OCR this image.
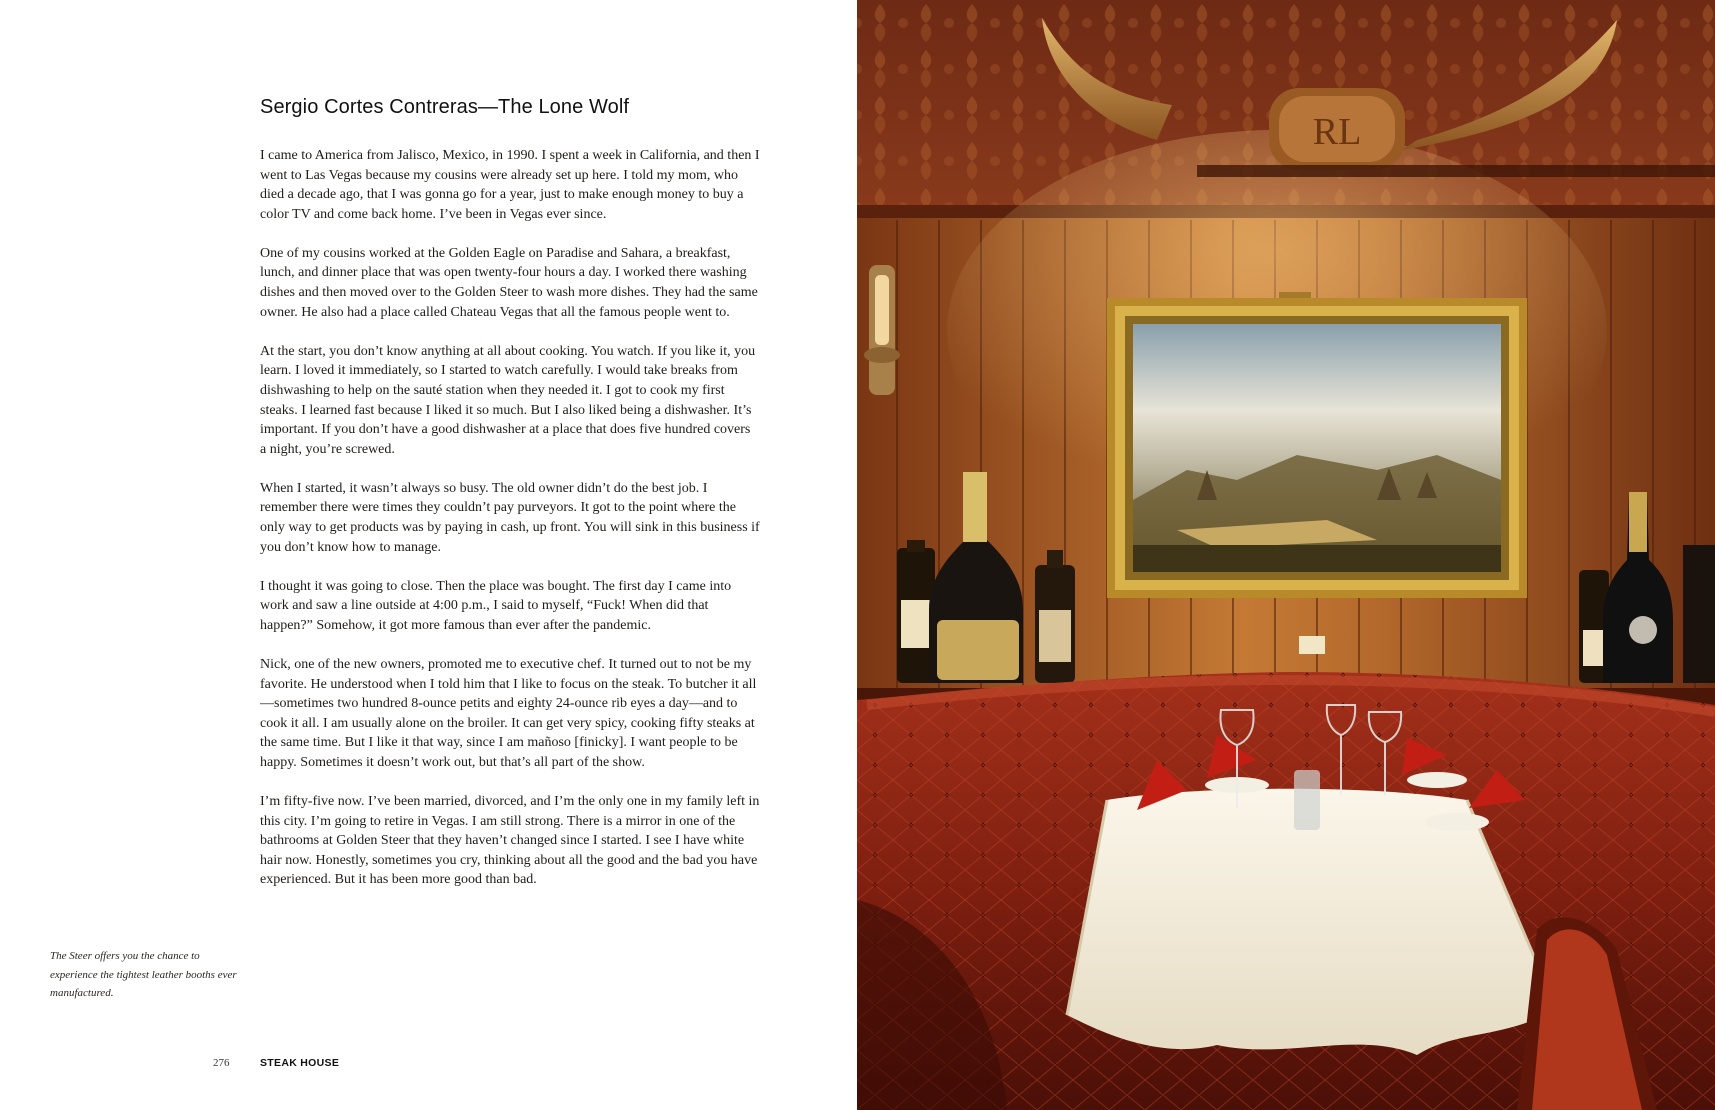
Sergio Cortes Contreras—The Lone Wolf

I came to America from Jalisco, Mexico, in 1990. I spent a week in California, and then I went to Las Vegas because my cousins were already set up here. I told my mom, who died a decade ago, that I was gonna go for a year, just to make enough money to buy a color TV and come back home. I’ve been in Vegas ever since.

One of my cousins worked at the Golden Eagle on Paradise and Sahara, a breakfast, lunch, and dinner place that was open twenty-four hours a day. I worked there washing dishes and then moved over to the Golden Steer to wash more dishes. They had the same owner. He also had a place called Chateau Vegas that all the famous people went to.

At the start, you don’t know anything at all about cooking. You watch. If you like it, you learn. I loved it immediately, so I started to watch carefully. I would take breaks from dishwashing to help on the sauté station when they needed it. I got to cook my first steaks. I learned fast because I liked it so much. But I also liked being a dishwasher. It’s important. If you don’t have a good dishwasher at a place that does five hundred covers a night, you’re screwed.

When I started, it wasn’t always so busy. The old owner didn’t do the best job. I remember there were times they couldn’t pay purveyors. It got to the point where the only way to get products was by paying in cash, up front. You will sink in this business if you don’t know how to manage.

I thought it was going to close. Then the place was bought. The first day I came into work and saw a line outside at 4:00 p.m., I said to myself, “Fuck! When did that happen?” Somehow, it got more famous than ever after the pandemic.

Nick, one of the new owners, promoted me to executive chef. It turned out to not be my favorite. He understood when I told him that I like to focus on the steak. To butcher it all—sometimes two hundred 8-ounce petits and eighty 24-ounce rib eyes a day—and to cook it all. I am usually alone on the broiler. It can get very spicy, cooking fifty steaks at the same time. But I like it that way, since I am mañoso [finicky]. I want people to be happy. Sometimes it doesn’t work out, but that’s all part of the show.

I’m fifty-five now. I’ve been married, divorced, and I’m the only one in my family left in this city. I’m going to retire in Vegas. I am still strong. There is a mirror in one of the bathrooms at Golden Steer that they haven’t changed since I started. I see I have white hair now. Honestly, sometimes you cry, thinking about all the good and the bad you have experienced. But it has been more good than bad.

The Steer offers you the chance to experience the tightest leather booths ever manufactured.

276	STEAK HOUSE
RL
